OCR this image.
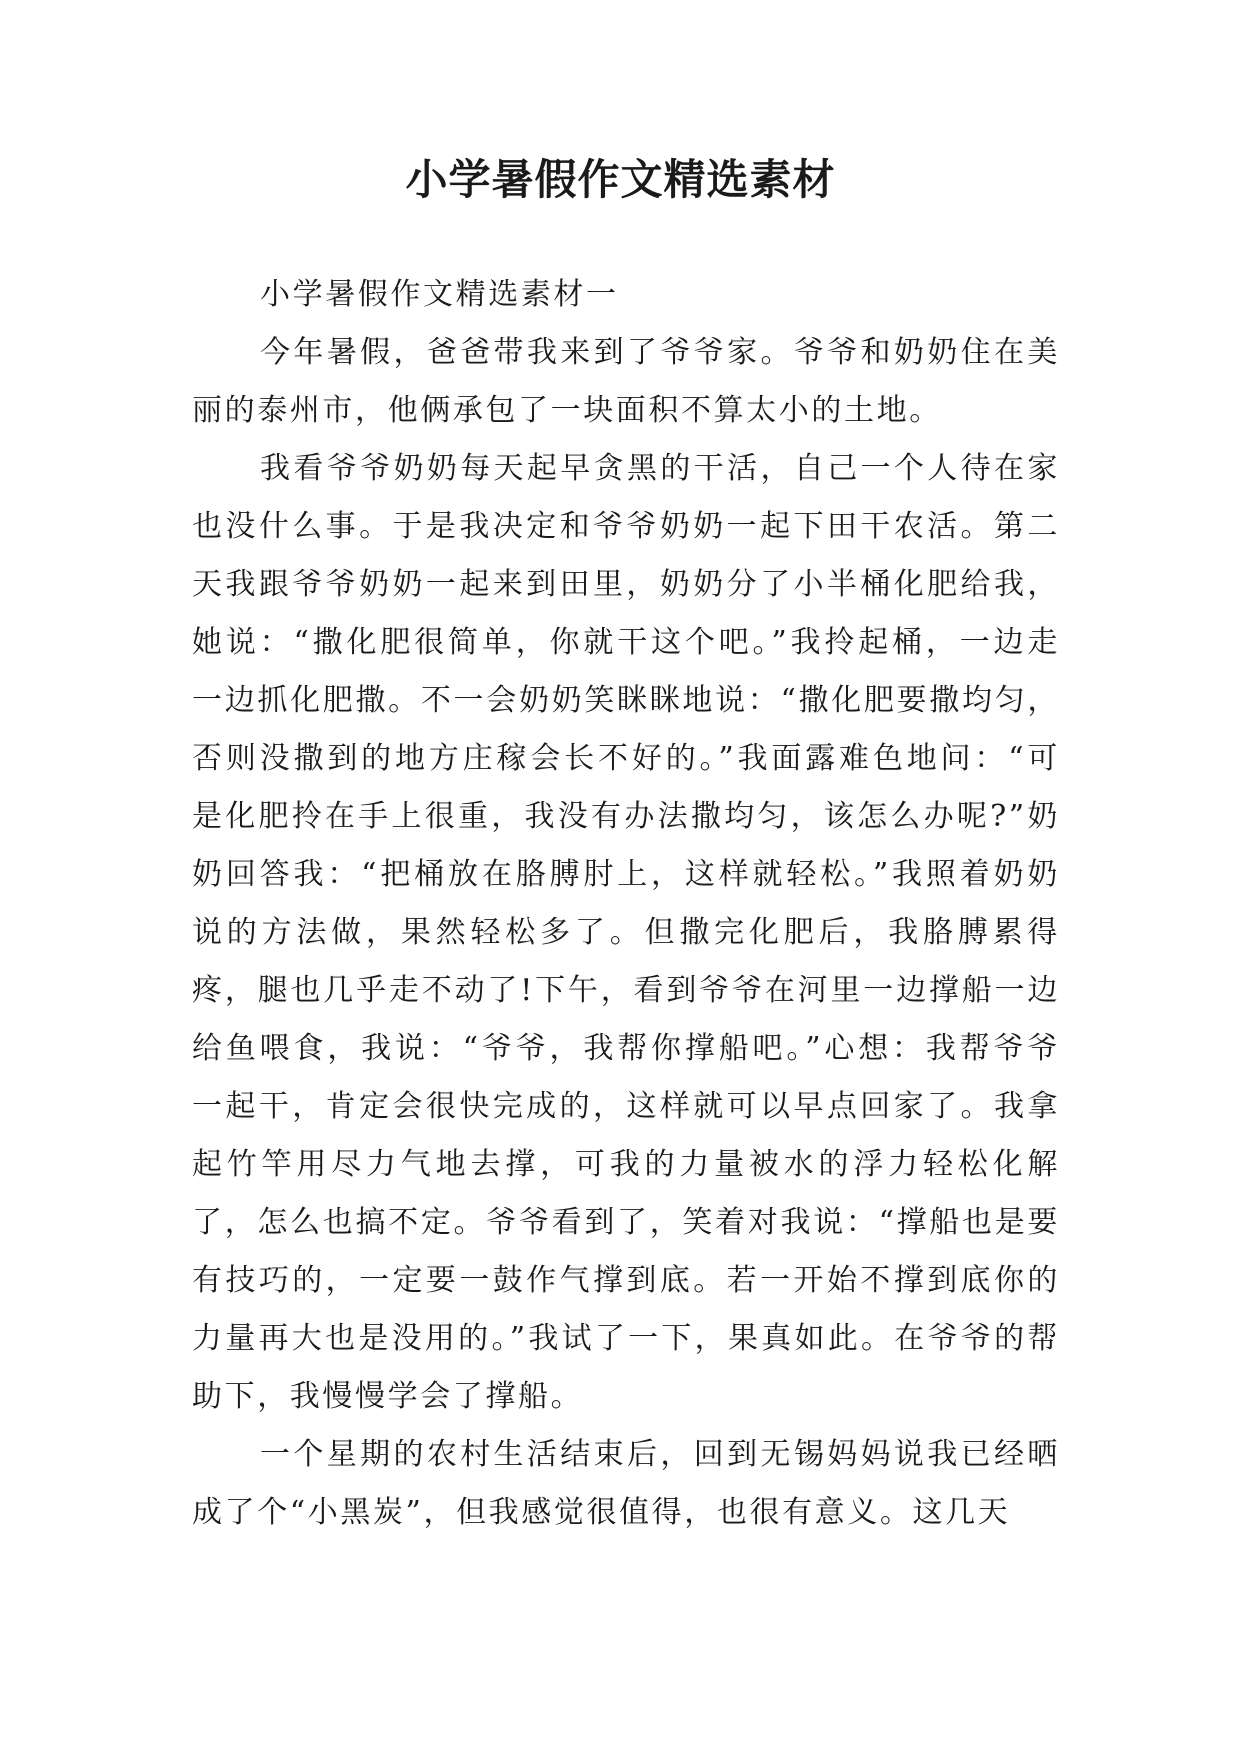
小学暑假作文精选素材

小学暑假作文精选素材一

今年暑假，爸爸带我来到了爷爷家。爷爷和奶奶住在美丽的泰州市，他俩承包了一块面积不算太小的土地。

我看爷爷奶奶每天起早贪黑的干活，自己一个人待在家也没什么事。于是我决定和爷爷奶奶一起下田干农活。第二天我跟爷爷奶奶一起来到田里，奶奶分了小半桶化肥给我，她说：“撒化肥很简单，你就干这个吧。”我拎起桶，一边走一边抓化肥撒。不一会奶奶笑眯眯地说：“撒化肥要撒均匀，否则没撒到的地方庄稼会长不好的。”我面露难色地问：“可是化肥拎在手上很重，我没有办法撒均匀，该怎么办呢?”奶奶回答我：“把桶放在胳膊肘上，这样就轻松。”我照着奶奶说的方法做，果然轻松多了。但撒完化肥后，我胳膊累得疼，腿也几乎走不动了!下午，看到爷爷在河里一边撑船一边给鱼喂食，我说：“爷爷，我帮你撑船吧。”心想：我帮爷爷一起干，肯定会很快完成的，这样就可以早点回家了。我拿起竹竿用尽力气地去撑，可我的力量被水的浮力轻松化解了，怎么也搞不定。爷爷看到了，笑着对我说：“撑船也是要有技巧的，一定要一鼓作气撑到底。若一开始不撑到底你的力量再大也是没用的。”我试了一下，果真如此。在爷爷的帮助下，我慢慢学会了撑船。

一个星期的农村生活结束后，回到无锡妈妈说我已经晒成了个“小黑炭”，但我感觉很值得，也很有意义。这几天
